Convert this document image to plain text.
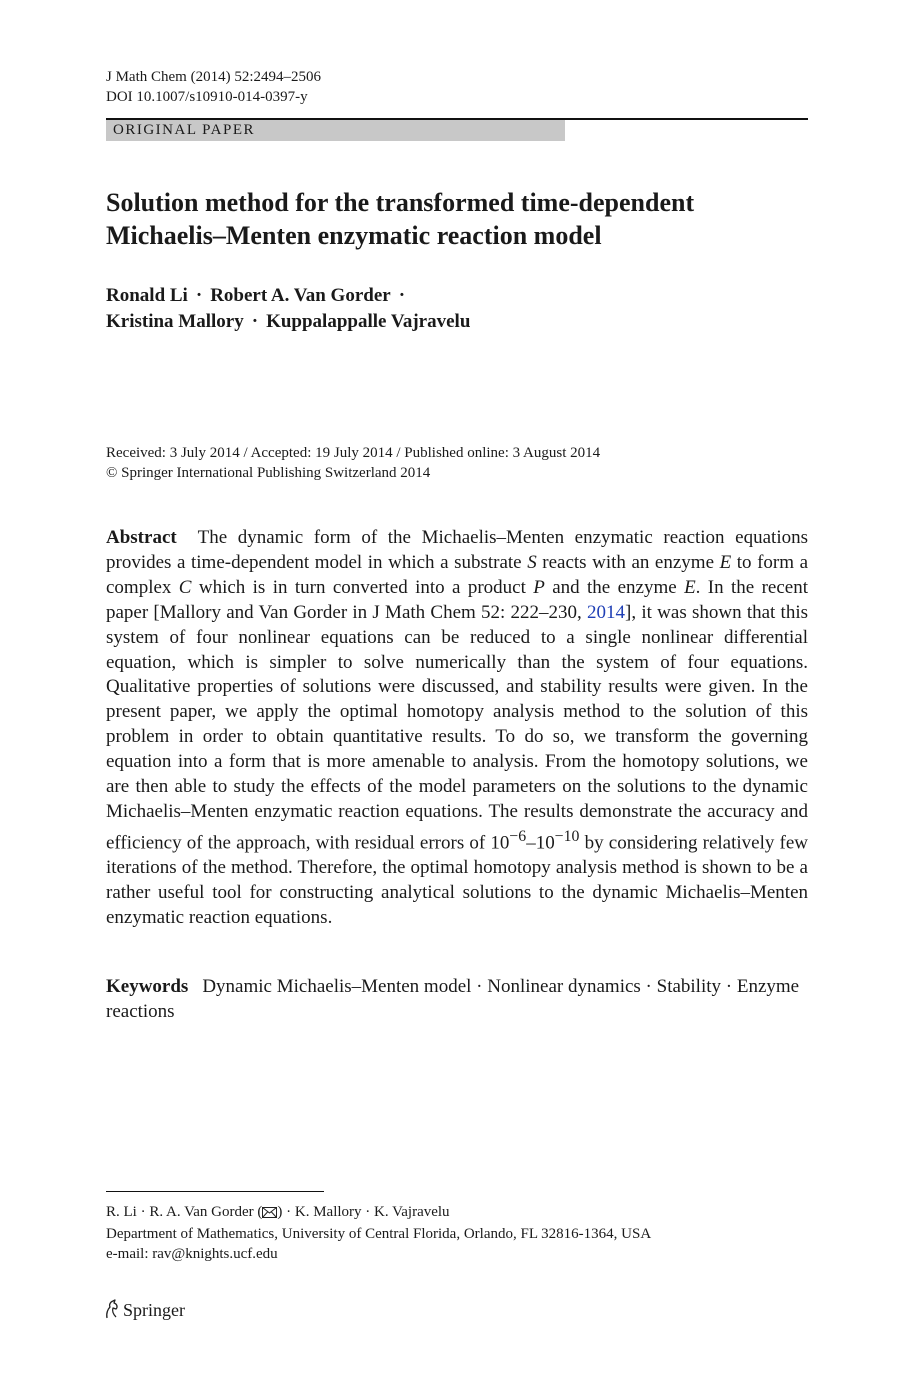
J Math Chem (2014) 52:2494–2506
DOI 10.1007/s10910-014-0397-y
ORIGINAL PAPER
Solution method for the transformed time-dependent
Michaelis–Menten enzymatic reaction model
Ronald Li · Robert A. Van Gorder ·
Kristina Mallory · Kuppalappalle Vajravelu
Received: 3 July 2014 / Accepted: 19 July 2014 / Published online: 3 August 2014
© Springer International Publishing Switzerland 2014
Abstract The dynamic form of the Michaelis–Menten enzymatic reaction equations provides a time-dependent model in which a substrate S reacts with an enzyme E to form a complex C which is in turn converted into a product P and the enzyme E. In the recent paper [Mallory and Van Gorder in J Math Chem 52: 222–230, 2014], it was shown that this system of four nonlinear equations can be reduced to a single nonlinear differential equation, which is simpler to solve numerically than the system of four equations. Qualitative properties of solutions were discussed, and stability results were given. In the present paper, we apply the optimal homotopy analysis method to the solution of this problem in order to obtain quantitative results. To do so, we transform the governing equation into a form that is more amenable to analysis. From the homotopy solutions, we are then able to study the effects of the model parameters on the solutions to the dynamic Michaelis–Menten enzymatic reaction equations. The results demonstrate the accuracy and efficiency of the approach, with residual errors of $10^{-6}-10^{-10}$ by considering relatively few iterations of the method. Therefore, the optimal homotopy analysis method is shown to be a rather useful tool for constructing analytical solutions to the dynamic Michaelis–Menten enzymatic reaction equations.
Keywords Dynamic Michaelis–Menten model · Nonlinear dynamics · Stability · Enzyme reactions
R. Li · R. A. Van Gorder ( ) · K. Mallory · K. Vajravelu
Department of Mathematics, University of Central Florida, Orlando, FL 32816-1364, USA
e-mail: rav@knights.ucf.edu
Springer
